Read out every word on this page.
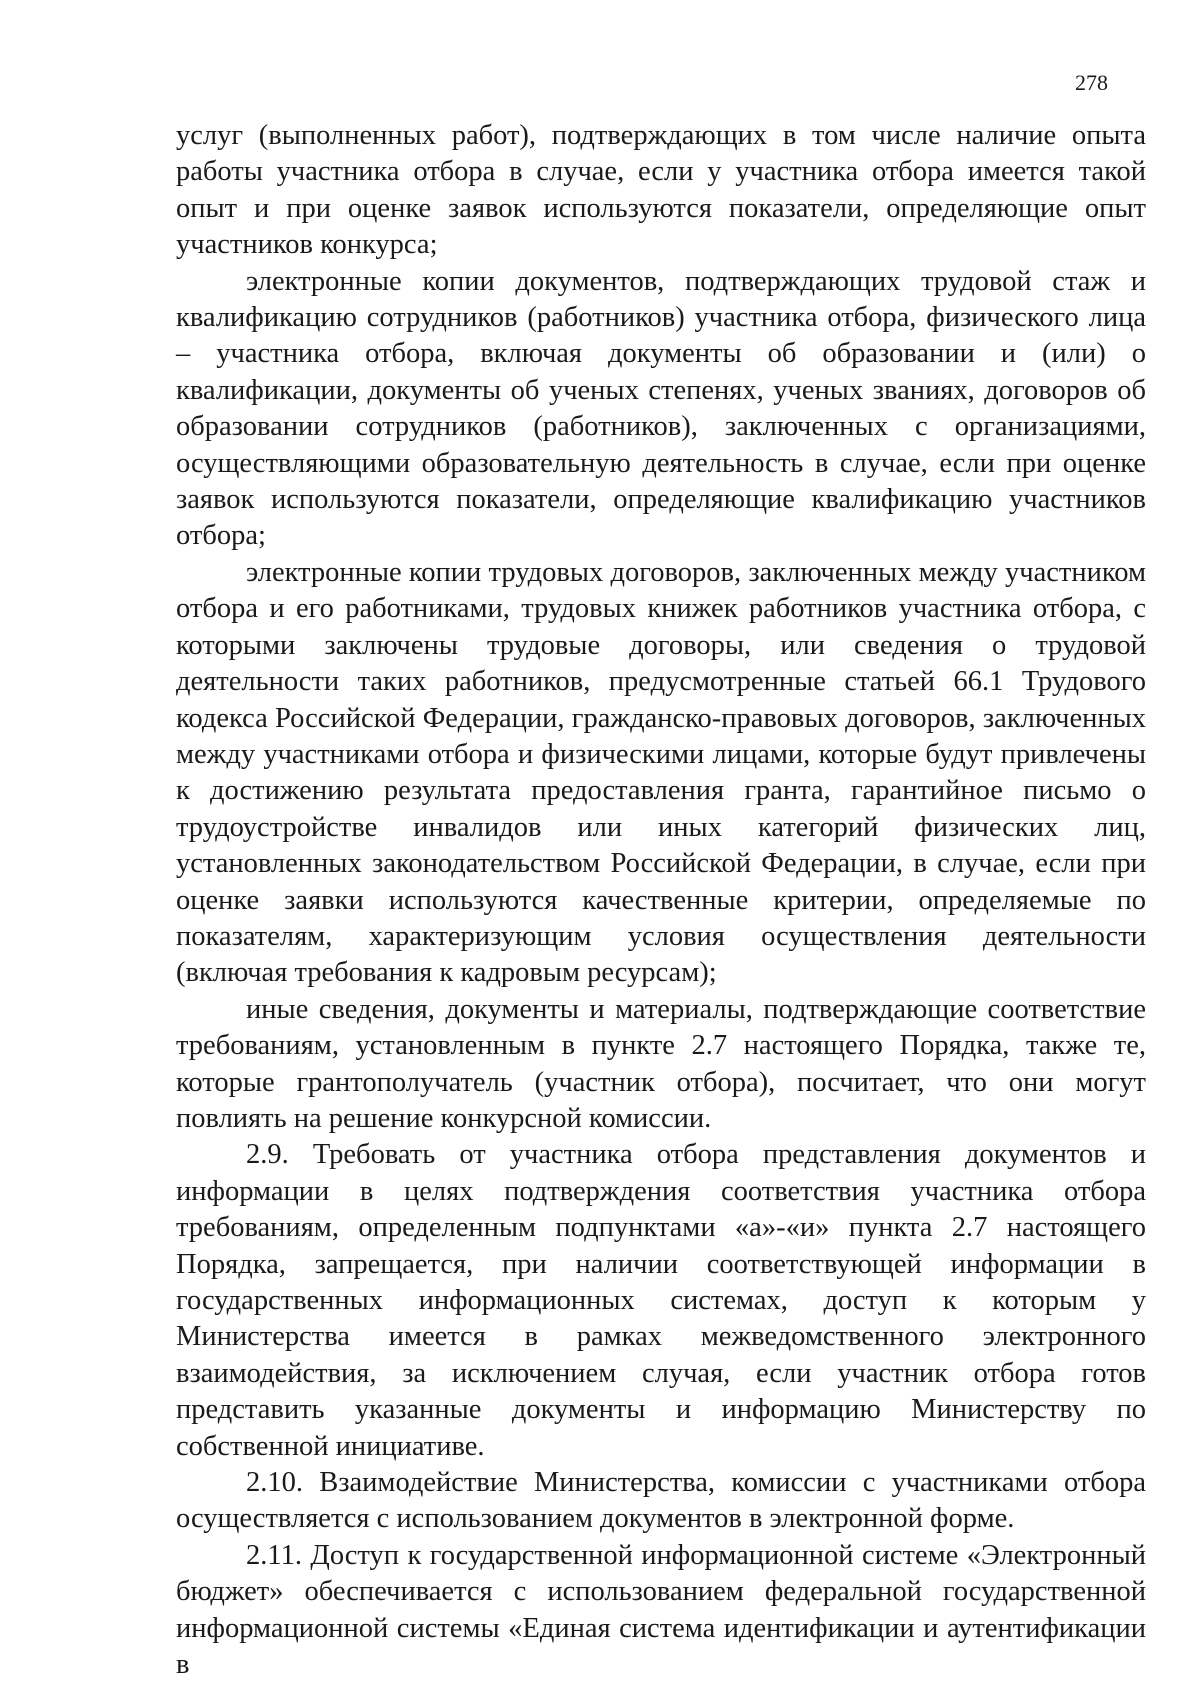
278

услуг (выполненных работ), подтверждающих в том числе наличие опыта работы участника отбора в случае, если у участника отбора имеется такой опыт и при оценке заявок используются показатели, определяющие опыт участников конкурса;

электронные копии документов, подтверждающих трудовой стаж и квалификацию сотрудников (работников) участника отбора, физического лица – участника отбора, включая документы об образовании и (или) о квалификации, документы об ученых степенях, ученых званиях, договоров об образовании сотрудников (работников), заключенных с организациями, осуществляющими образовательную деятельность в случае, если при оценке заявок используются показатели, определяющие квалификацию участников отбора;

электронные копии трудовых договоров, заключенных между участником отбора и его работниками, трудовых книжек работников участника отбора, с которыми заключены трудовые договоры, или сведения о трудовой деятельности таких работников, предусмотренные статьей 66.1 Трудового кодекса Российской Федерации, гражданско-правовых договоров, заключенных между участниками отбора и физическими лицами, которые будут привлечены к достижению результата предоставления гранта, гарантийное письмо о трудоустройстве инвалидов или иных категорий физических лиц, установленных законодательством Российской Федерации, в случае, если при оценке заявки используются качественные критерии, определяемые по показателям, характеризующим условия осуществления деятельности (включая требования к кадровым ресурсам);

иные сведения, документы и материалы, подтверждающие соответствие требованиям, установленным в пункте 2.7 настоящего Порядка, также те, которые грантополучатель (участник отбора), посчитает, что они могут повлиять на решение конкурсной комиссии.

2.9. Требовать от участника отбора представления документов и информации в целях подтверждения соответствия участника отбора требованиям, определенным подпунктами «а»-«и» пункта 2.7 настоящего Порядка, запрещается, при наличии соответствующей информации в государственных информационных системах, доступ к которым у Министерства имеется в рамках межведомственного электронного взаимодействия, за исключением случая, если участник отбора готов представить указанные документы и информацию Министерству по собственной инициативе.

2.10. Взаимодействие Министерства, комиссии с участниками отбора осуществляется с использованием документов в электронной форме.

2.11. Доступ к государственной информационной системе «Электронный бюджет» обеспечивается с использованием федеральной государственной информационной системы «Единая система идентификации и аутентификации в
